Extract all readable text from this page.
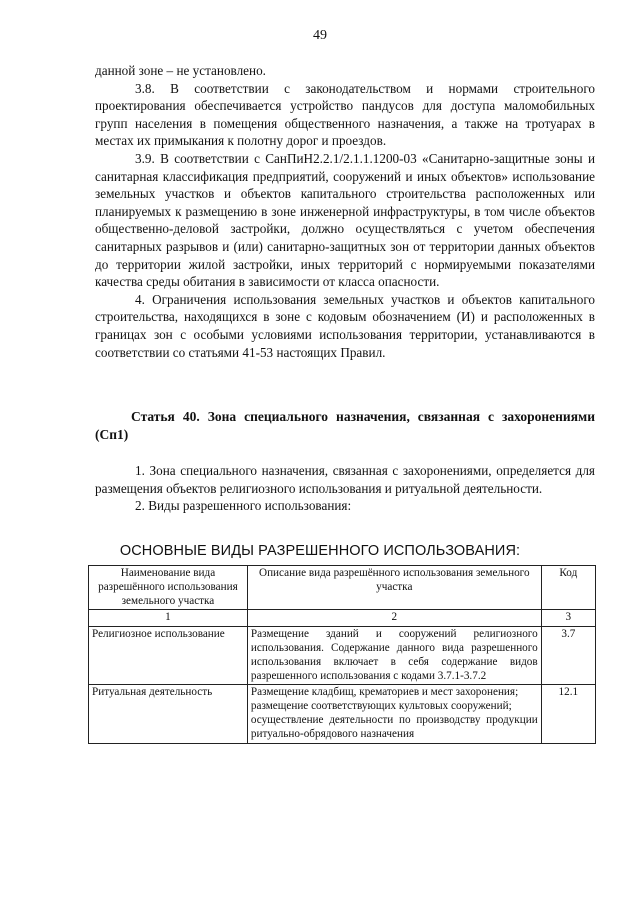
49

данной зоне – не установлено.

3.8. В соответствии с законодательством и нормами строительного проектирования обеспечивается устройство пандусов для доступа маломобильных групп населения в помещения общественного назначения, а также на тротуарах в местах их примыкания к полотну дорог и проездов.

3.9. В соответствии с СанПиН2.2.1/2.1.1.1200-03 «Санитарно-защитные зоны и санитарная классификация предприятий, сооружений и иных объектов» использование земельных участков и объектов капитального строительства расположенных или планируемых к размещению в зоне инженерной инфраструктуры, в том числе объектов общественно-деловой застройки, должно осуществляться с учетом обеспечения санитарных разрывов и (или) санитарно-защитных зон от территории данных объектов до территории жилой застройки, иных территорий с нормируемыми показателями качества среды обитания в зависимости от класса опасности.

4. Ограничения использования земельных участков и объектов капитального строительства, находящихся в зоне с кодовым обозначением (И) и расположенных в границах зон с особыми условиями использования территории, устанавливаются в соответствии со статьями 41-53 настоящих Правил.

Статья 40. Зона специального назначения, связанная с захоронениями (Сп1)

1. Зона специального назначения, связанная с захоронениями, определяется для размещения объектов религиозного использования и ритуальной деятельности.

2. Виды разрешенного использования:

ОСНОВНЫЕ ВИДЫ РАЗРЕШЕННОГО ИСПОЛЬЗОВАНИЯ:
Наименование вида разрешённого использования земельного участка	Описание вида разрешённого использования земельного участка	Код
1	2	3
Религиозное использование	Размещение зданий и сооружений религиозного использования. Содержание данного вида разрешенного использования включает в себя содержание видов разрешенного использования с кодами 3.7.1-3.7.2	3.7
Ритуальная деятельность	Размещение кладбищ, крематориев и мест захоронения;
размещение соответствующих культовых сооружений;
осуществление деятельности по производству продукции ритуально-обрядового назначения	12.1
